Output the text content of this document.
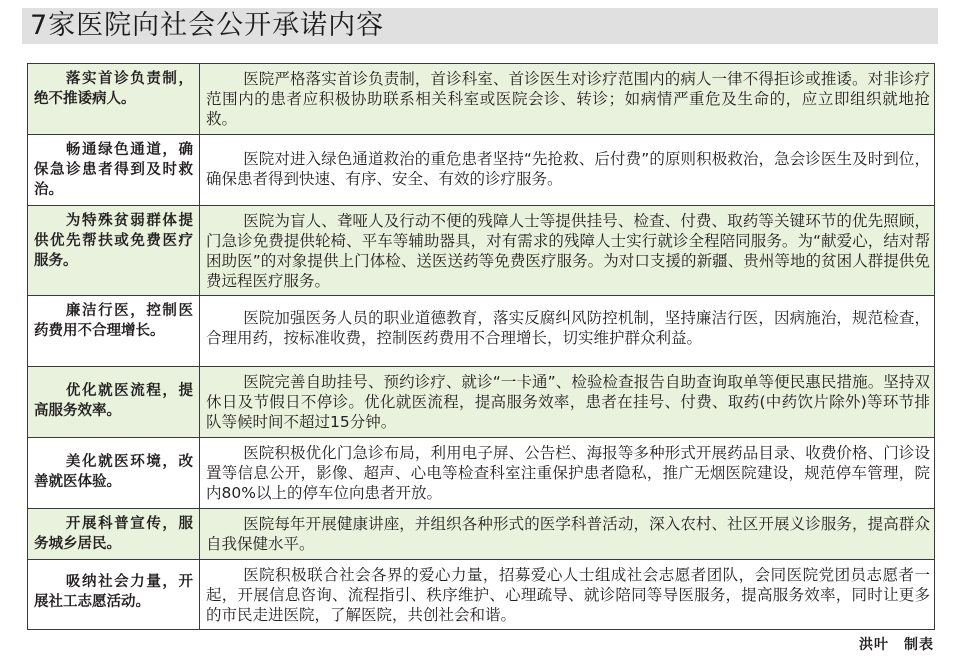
7家医院向社会公开承诺内容
落实首诊负责制，绝不推诿病人。	医院严格落实首诊负责制，首诊科室、首诊医生对诊疗范围内的病人一律不得拒诊或推诿。对非诊疗范围内的患者应积极协助联系相关科室或医院会诊、转诊；如病情严重危及生命的，应立即组织就地抢救。

畅通绿色通道，确保急诊患者得到及时救治。	医院对进入绿色通道救治的重危患者坚持“先抢救、后付费”的原则积极救治，急会诊医生及时到位，确保患者得到快速、有序、安全、有效的诊疗服务。

为特殊贫弱群体提供优先帮扶或免费医疗服务。	医院为盲人、聋哑人及行动不便的残障人士等提供挂号、检查、付费、取药等关键环节的优先照顾，门急诊免费提供轮椅、平车等辅助器具，对有需求的残障人士实行就诊全程陪同服务。为“献爱心，结对帮困助医”的对象提供上门体检、送医送药等免费医疗服务。为对口支援的新疆、贵州等地的贫困人群提供免费远程医疗服务。

廉洁行医，控制医药费用不合理增长。	医院加强医务人员的职业道德教育，落实反腐纠风防控机制，坚持廉洁行医，因病施治，规范检查，合理用药，按标准收费，控制医药费用不合理增长，切实维护群众利益。

优化就医流程，提高服务效率。	医院完善自助挂号、预约诊疗、就诊“一卡通”、检验检查报告自助查询取单等便民惠民措施。坚持双休日及节假日不停诊。优化就医流程，提高服务效率，患者在挂号、付费、取药(中药饮片除外)等环节排队等候时间不超过15分钟。

美化就医环境，改善就医体验。	医院积极优化门急诊布局，利用电子屏、公告栏、海报等多种形式开展药品目录、收费价格、门诊设置等信息公开，影像、超声、心电等检查科室注重保护患者隐私，推广无烟医院建设，规范停车管理，院内80%以上的停车位向患者开放。

开展科普宣传，服务城乡居民。	医院每年开展健康讲座，并组织各种形式的医学科普活动，深入农村、社区开展义诊服务，提高群众自我保健水平。

吸纳社会力量，开展社工志愿活动。	医院积极联合社会各界的爱心力量，招募爱心人士组成社会志愿者团队，会同医院党团员志愿者一起，开展信息咨询、流程指引、秩序维护、心理疏导、就诊陪同等导医服务，提高服务效率，同时让更多的市民走进医院，了解医院，共创社会和谐。
洪叶　制表
